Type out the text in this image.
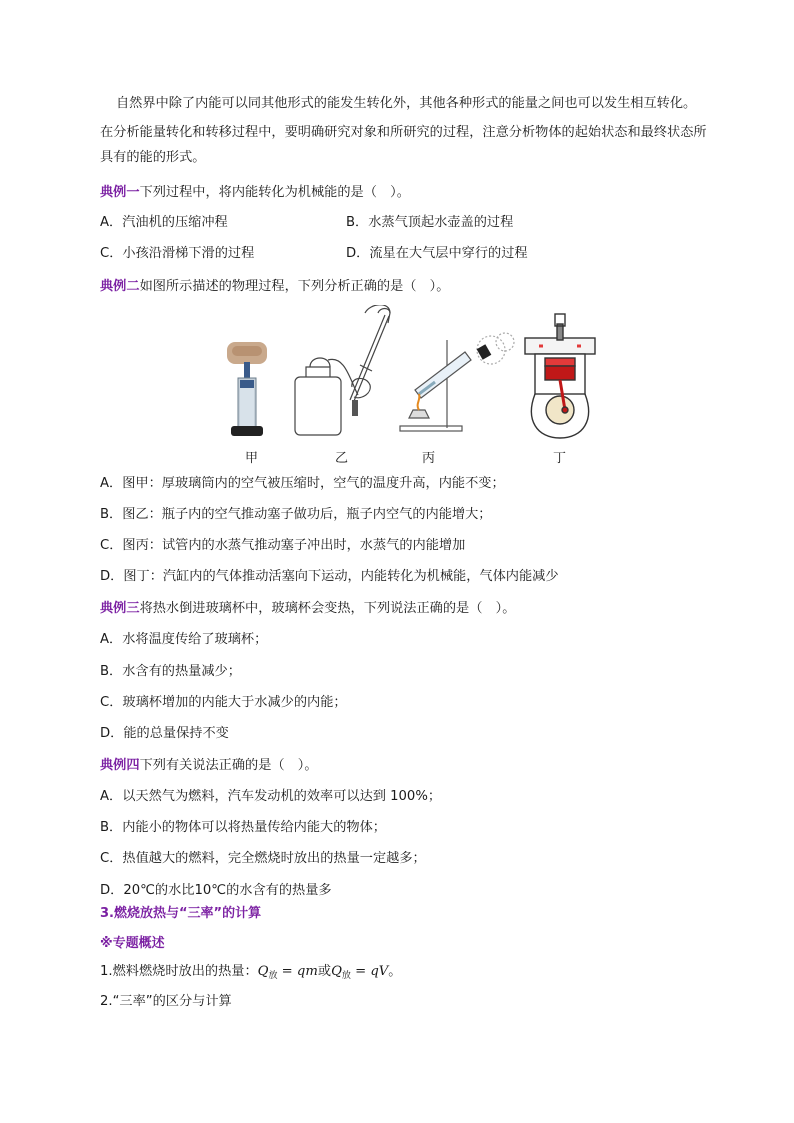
自然界中除了内能可以同其他形式的能发生转化外，其他各种形式的能量之间也可以发生相互转化。
在分析能量转化和转移过程中，要明确研究对象和所研究的过程，注意分析物体的起始状态和最终状态所
具有的能的形式。
典例一下列过程中，将内能转化为机械能的是（　）。
A．汽油机的压缩冲程	B．水蒸气顶起水壶盖的过程
C．小孩沿滑梯下滑的过程	D．流星在大气层中穿行的过程
典例二如图所示描述的物理过程，下列分析正确的是（　）。
甲	乙	丙	丁
A．图甲：厚玻璃筒内的空气被压缩时，空气的温度升高，内能不变；
B．图乙：瓶子内的空气推动塞子做功后，瓶子内空气的内能增大；
C．图丙：试管内的水蒸气推动塞子冲出时，水蒸气的内能增加
D．图丁：汽缸内的气体推动活塞向下运动，内能转化为机械能，气体内能减少
典例三将热水倒进玻璃杯中，玻璃杯会变热，下列说法正确的是（　）。
A．水将温度传给了玻璃杯；
B．水含有的热量减少；
C．玻璃杯增加的内能大于水减少的内能；
D．能的总量保持不变
典例四下列有关说法正确的是（　）。
A．以天然气为燃料，汽车发动机的效率可以达到 100%；
B．内能小的物体可以将热量传给内能大的物体；
C．热值越大的燃料，完全燃烧时放出的热量一定越多；
D．20℃的水比10℃的水含有的热量多
3.燃烧放热与“三率”的计算
※专题概述
1.燃料燃烧时放出的热量：$Q_放$ = qm或$Q_放$ = qV。
2.“三率”的区分与计算
